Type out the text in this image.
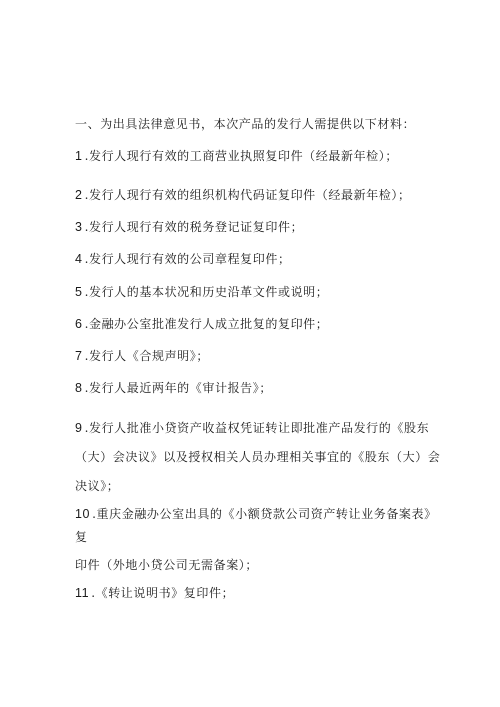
一、为出具法律意见书，本次产品的发行人需提供以下材料：
1 .发行人现行有效的工商营业执照复印件（经最新年检）；
2 .发行人现行有效的组织机构代码证复印件（经最新年检）；
3 .发行人现行有效的税务登记证复印件；
4 .发行人现行有效的公司章程复印件；
5 .发行人的基本状况和历史沿革文件或说明；
6 .金融办公室批准发行人成立批复的复印件；
7 .发行人《合规声明》；
8 .发行人最近两年的《审计报告》；
9 .发行人批准小贷资产收益权凭证转让即批准产品发行的《股东
（大）会决议》以及授权相关人员办理相关事宜的《股东（大）会
决议》；
10 .重庆金融办公室出具的《小额贷款公司资产转让业务备案表》
复
印件（外地小贷公司无需备案）；
11 .《转让说明书》复印件；
